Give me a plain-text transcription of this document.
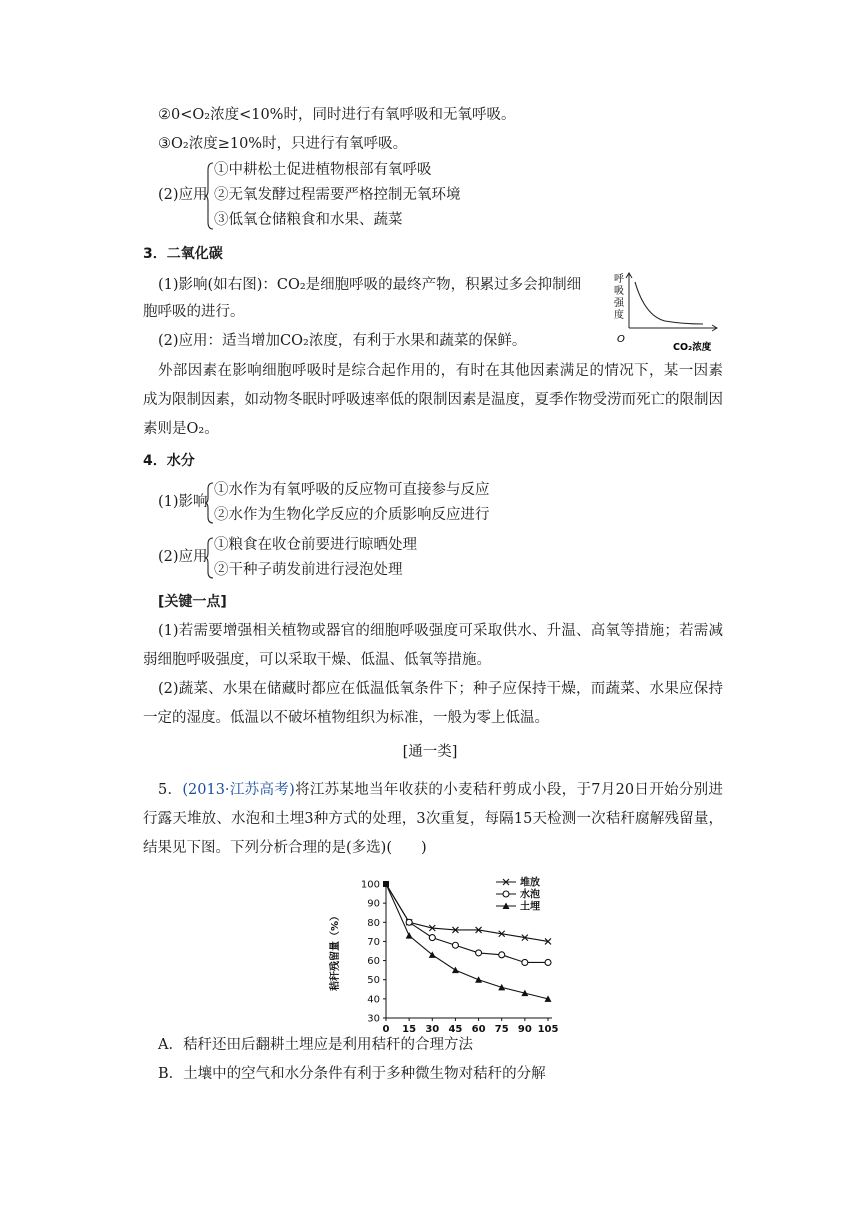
②0<O₂浓度<10%时，同时进行有氧呼吸和无氧呼吸。
③O₂浓度≥10%时，只进行有氧呼吸。
(2)应用
①中耕松土促进植物根部有氧呼吸
②无氧发酵过程需要严格控制无氧环境
③低氧仓储粮食和水果、蔬菜
3．二氧化碳
(1)影响(如右图)：CO₂是细胞呼吸的最终产物，积累过多会抑制细
胞呼吸的进行。
(2)应用：适当增加CO₂浓度，有利于水果和蔬菜的保鲜。
呼
吸
强
度
O
CO₂浓度
外部因素在影响细胞呼吸时是综合起作用的，有时在其他因素满足的情况下，某一因素成为限制因素，如动物冬眠时呼吸速率低的限制因素是温度，夏季作物受涝而死亡的限制因素则是O₂。
4．水分
(1)影响
①水作为有氧呼吸的反应物可直接参与反应
②水作为生物化学反应的介质影响反应进行
(2)应用
①粮食在收仓前要进行晾晒处理
②干种子萌发前进行浸泡处理
[关键一点]
(1)若需要增强相关植物或器官的细胞呼吸强度可采取供水、升温、高氧等措施；若需减弱细胞呼吸强度，可以采取干燥、低温、低氧等措施。
(2)蔬菜、水果在储藏时都应在低温低氧条件下；种子应保持干燥，而蔬菜、水果应保持一定的湿度。低温以不破坏植物组织为标准，一般为零上低温。
[通一类]
5．(2013·江苏高考)将江苏某地当年收获的小麦秸秆剪成小段，于7月20日开始分别进行露天堆放、水泡和土埋3种方式的处理，3次重复，每隔15天检测一次秸秆腐解残留量，结果见下图。下列分析合理的是(多选)(　　)
30
40
50
60
70
80
90
100
0 15 30 45 60 75 90 105
秸秆残留量（%）
堆放
水泡
土埋
A．秸秆还田后翻耕土埋应是利用秸秆的合理方法
B．土壤中的空气和水分条件有利于多种微生物对秸秆的分解
